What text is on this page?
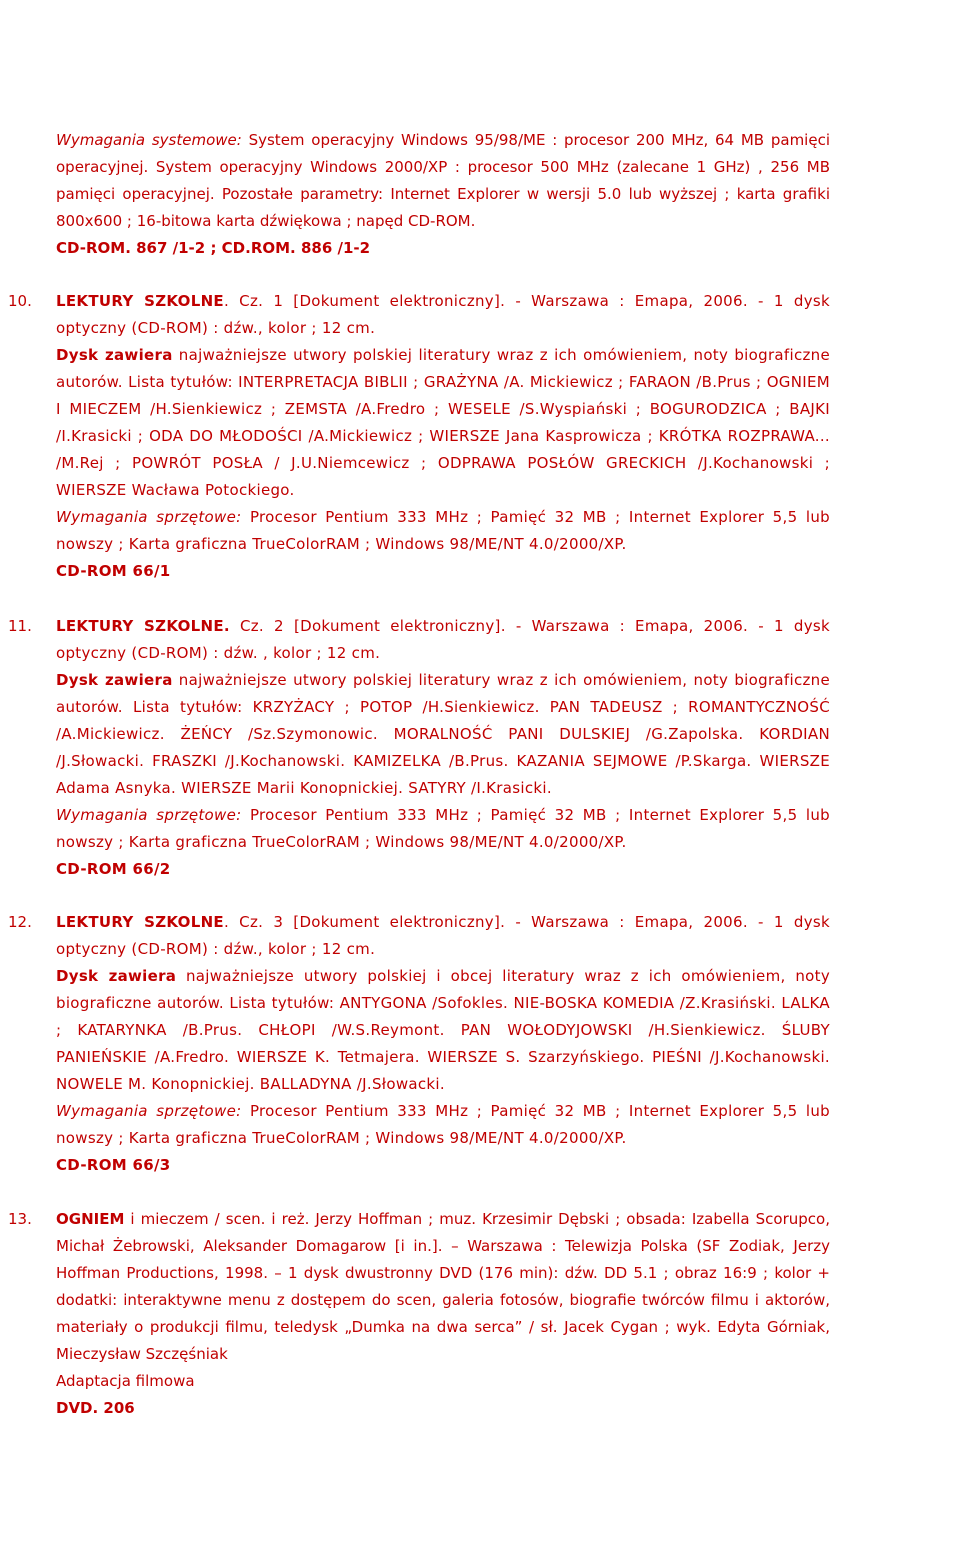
Wymagania systemowe: System operacyjny Windows 95/98/ME : procesor 200 MHz, 64 MB pamięci operacyjnej. System operacyjny Windows 2000/XP : procesor 500 MHz (zalecane 1 GHz) , 256 MB pamięci operacyjnej. Pozostałe parametry: Internet Explorer w wersji 5.0 lub wyższej ; karta grafiki 800x600 ; 16-bitowa karta dźwiękowa ; napęd CD-ROM.
CD-ROM. 867 /1-2 ; CD.ROM. 886 /1-2
10. LEKTURY SZKOLNE. Cz. 1 [Dokument elektroniczny]. - Warszawa : Emapa, 2006. - 1 dysk optyczny (CD-ROM) : dźw., kolor ; 12 cm.
Dysk zawiera najważniejsze utwory polskiej literatury wraz z ich omówieniem, noty biograficzne autorów. Lista tytułów: INTERPRETACJA BIBLII ; GRAŻYNA /A. Mickiewicz ; FARAON /B.Prus ; OGNIEM I MIECZEM /H.Sienkiewicz ; ZEMSTA /A.Fredro ; WESELE /S.Wyspiański ; BOGURODZICA ; BAJKI /I.Krasicki ; ODA DO MŁODOŚCI /A.Mickiewicz ; WIERSZE Jana Kasprowicza ; KRÓTKA ROZPRAWA... /M.Rej ; POWRÓT POSŁA / J.U.Niemcewicz ; ODPRAWA POSŁÓW GRECKICH /J.Kochanowski ; WIERSZE Wacława Potockiego.
Wymagania sprzętowe: Procesor Pentium 333 MHz ; Pamięć 32 MB ; Internet Explorer 5,5 lub nowszy ; Karta graficzna TrueColorRAM ; Windows 98/ME/NT 4.0/2000/XP.
CD-ROM 66/1
11. LEKTURY SZKOLNE. Cz. 2 [Dokument elektroniczny]. - Warszawa : Emapa, 2006. - 1 dysk optyczny (CD-ROM) : dźw. , kolor ; 12 cm.
Dysk zawiera najważniejsze utwory polskiej literatury wraz z ich omówieniem, noty biograficzne autorów. Lista tytułów: KRZYŻACY ; POTOP /H.Sienkiewicz. PAN TADEUSZ ; ROMANTYCZNOŚĆ /A.Mickiewicz. ŻEŃCY /Sz.Szymonowic. MORALNOŚĆ PANI DULSKIEJ /G.Zapolska. KORDIAN /J.Słowacki. FRASZKI /J.Kochanowski. KAMIZELKA /B.Prus. KAZANIA SEJMOWE /P.Skarga. WIERSZE Adama Asnyka. WIERSZE Marii Konopnickiej. SATYRY /I.Krasicki.
Wymagania sprzętowe: Procesor Pentium 333 MHz ; Pamięć 32 MB ; Internet Explorer 5,5 lub nowszy ; Karta graficzna TrueColorRAM ; Windows 98/ME/NT 4.0/2000/XP.
CD-ROM 66/2
12. LEKTURY SZKOLNE. Cz. 3 [Dokument elektroniczny]. - Warszawa : Emapa, 2006. - 1 dysk optyczny (CD-ROM) : dźw., kolor ; 12 cm.
Dysk zawiera najważniejsze utwory polskiej i obcej literatury wraz z ich omówieniem, noty biograficzne autorów. Lista tytułów: ANTYGONA /Sofokles. NIE-BOSKA KOMEDIA /Z.Krasiński. LALKA ; KATARYNKA /B.Prus. CHŁOPI /W.S.Reymont. PAN WOŁODYJOWSKI /H.Sienkiewicz. ŚLUBY PANIEŃSKIE /A.Fredro. WIERSZE K. Tetmajera. WIERSZE S. Szarzyńskiego. PIEŚNI /J.Kochanowski. NOWELE M. Konopnickiej. BALLADYNA /J.Słowacki.
Wymagania sprzętowe: Procesor Pentium 333 MHz ; Pamięć 32 MB ; Internet Explorer 5,5 lub nowszy ; Karta graficzna TrueColorRAM ; Windows 98/ME/NT 4.0/2000/XP.
CD-ROM 66/3
13. OGNIEM i mieczem / scen. i reż. Jerzy Hoffman ; muz. Krzesimir Dębski ; obsada: Izabella Scorupco, Michał Żebrowski, Aleksander Domagarow [i in.]. – Warszawa : Telewizja Polska (SF Zodiak, Jerzy Hoffman Productions, 1998. – 1 dysk dwustronny DVD (176 min): dźw. DD 5.1 ; obraz 16:9 ; kolor + dodatki: interaktywne menu z dostępem do scen, galeria fotosów, biografie twórców filmu i aktorów, materiały o produkcji filmu, teledysk „Dumka na dwa serca” / sł. Jacek Cygan ; wyk. Edyta Górniak, Mieczysław Szczęśniak
Adaptacja filmowa
DVD. 206
